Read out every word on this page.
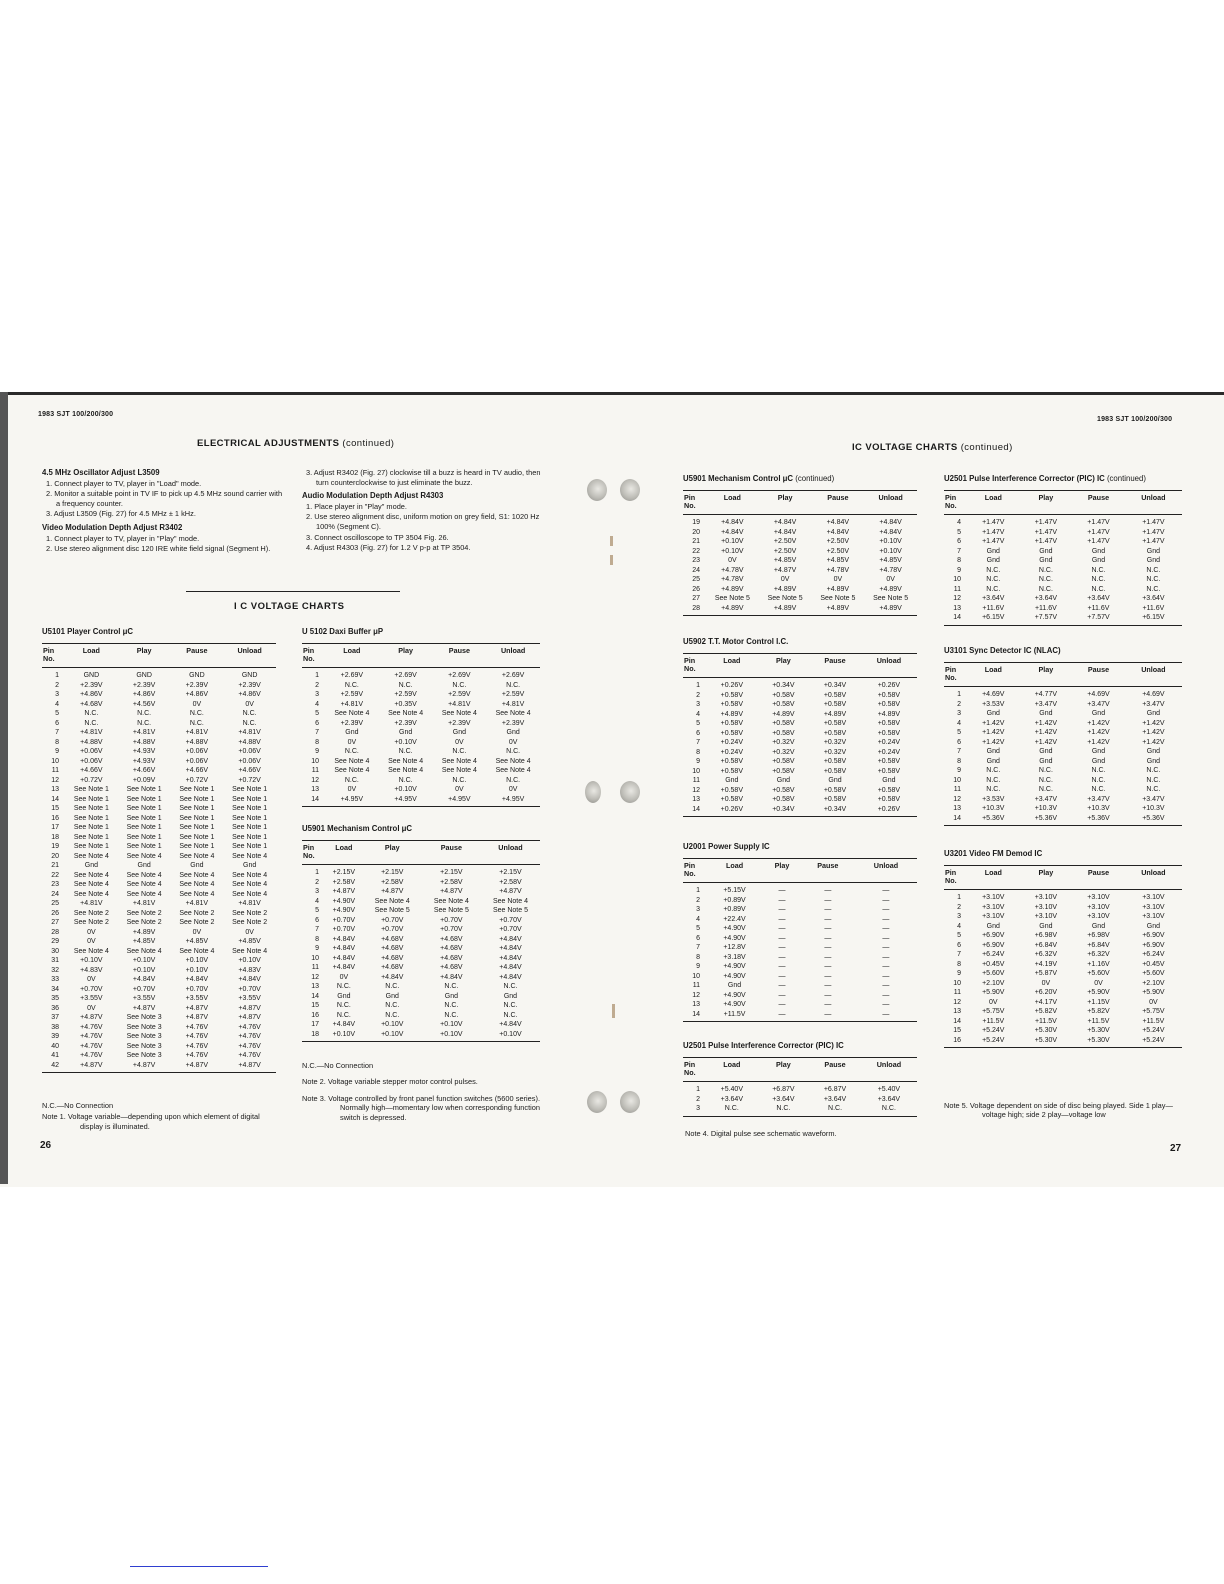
1983 SJT 100/200/300
ELECTRICAL ADJUSTMENTS (continued)
4.5 MHz Oscillator Adjust L3509
1. Connect player to TV, player in "Load" mode.
2. Monitor a suitable point in TV IF to pick up 4.5 MHz sound carrier with a frequency counter.
3. Adjust L3509 (Fig. 27) for 4.5 MHz ± 1 kHz.
Video Modulation Depth Adjust R3402
1. Connect player to TV, player in "Play" mode.
2. Use stereo alignment disc 120 IRE white field signal (Segment H).
3. Adjust R3402 (Fig. 27) clockwise till a buzz is heard in TV audio, then turn counterclockwise to just eliminate the buzz.
Audio Modulation Depth Adjust R4303
1. Place player in "Play" mode.
2. Use stereo alignment disc, uniform motion on grey field, S1: 1020 Hz 100% (Segment C).
3. Connect oscilloscope to TP 3504 Fig. 26.
4. Adjust R4303 (Fig. 27) for 1.2 V p-p at TP 3504.
I C VOLTAGE CHARTS
U5101 Player Control μC
Pin No.	Load	Play	Pause	Unload
1	GND	GND	GND	GND
2	+2.39V	+2.39V	+2.39V	+2.39V
3	+4.86V	+4.86V	+4.86V	+4.86V
4	+4.68V	+4.56V	0V	0V
5	N.C.	N.C.	N.C.	N.C.
6	N.C.	N.C.	N.C.	N.C.
7	+4.81V	+4.81V	+4.81V	+4.81V
8	+4.88V	+4.88V	+4.88V	+4.88V
9	+0.06V	+4.93V	+0.06V	+0.06V
10	+0.06V	+4.93V	+0.06V	+0.06V
11	+4.66V	+4.66V	+4.66V	+4.66V
12	+0.72V	+0.09V	+0.72V	+0.72V
13	See Note 1	See Note 1	See Note 1	See Note 1
14	See Note 1	See Note 1	See Note 1	See Note 1
15	See Note 1	See Note 1	See Note 1	See Note 1
16	See Note 1	See Note 1	See Note 1	See Note 1
17	See Note 1	See Note 1	See Note 1	See Note 1
18	See Note 1	See Note 1	See Note 1	See Note 1
19	See Note 1	See Note 1	See Note 1	See Note 1
20	See Note 4	See Note 4	See Note 4	See Note 4
21	Gnd	Gnd	Gnd	Gnd
22	See Note 4	See Note 4	See Note 4	See Note 4
23	See Note 4	See Note 4	See Note 4	See Note 4
24	See Note 4	See Note 4	See Note 4	See Note 4
25	+4.81V	+4.81V	+4.81V	+4.81V
26	See Note 2	See Note 2	See Note 2	See Note 2
27	See Note 2	See Note 2	See Note 2	See Note 2
28	0V	+4.89V	0V	0V
29	0V	+4.85V	+4.85V	+4.85V
30	See Note 4	See Note 4	See Note 4	See Note 4
31	+0.10V	+0.10V	+0.10V	+0.10V
32	+4.83V	+0.10V	+0.10V	+4.83V
33	0V	+4.84V	+4.84V	+4.84V
34	+0.70V	+0.70V	+0.70V	+0.70V
35	+3.55V	+3.55V	+3.55V	+3.55V
36	0V	+4.87V	+4.87V	+4.87V
37	+4.87V	See Note 3	+4.87V	+4.87V
38	+4.76V	See Note 3	+4.76V	+4.76V
39	+4.76V	See Note 3	+4.76V	+4.76V
40	+4.76V	See Note 3	+4.76V	+4.76V
41	+4.76V	See Note 3	+4.76V	+4.76V
42	+4.87V	+4.87V	+4.87V	+4.87V
U 5102 Daxi Buffer μP
Pin No.	Load	Play	Pause	Unload
1	+2.69V	+2.69V	+2.69V	+2.69V
2	N.C.	N.C.	N.C.	N.C.
3	+2.59V	+2.59V	+2.59V	+2.59V
4	+4.81V	+0.35V	+4.81V	+4.81V
5	See Note 4	See Note 4	See Note 4	See Note 4
6	+2.39V	+2.39V	+2.39V	+2.39V
7	Gnd	Gnd	Gnd	Gnd
8	0V	+0.10V	0V	0V
9	N.C.	N.C.	N.C.	N.C.
10	See Note 4	See Note 4	See Note 4	See Note 4
11	See Note 4	See Note 4	See Note 4	See Note 4
12	N.C.	N.C.	N.C.	N.C.
13	0V	+0.10V	0V	0V
14	+4.95V	+4.95V	+4.95V	+4.95V
U5901 Mechanism Control μC
Pin No.	Load	Play	Pause	Unload
1	+2.15V	+2.15V	+2.15V	+2.15V
2	+2.58V	+2.58V	+2.58V	+2.58V
3	+4.87V	+4.87V	+4.87V	+4.87V
4	+4.90V	See Note 4	See Note 4	See Note 4
5	+4.90V	See Note 5	See Note 5	See Note 5
6	+0.70V	+0.70V	+0.70V	+0.70V
7	+0.70V	+0.70V	+0.70V	+0.70V
8	+4.84V	+4.68V	+4.68V	+4.84V
9	+4.84V	+4.68V	+4.68V	+4.84V
10	+4.84V	+4.68V	+4.68V	+4.84V
11	+4.84V	+4.68V	+4.68V	+4.84V
12	0V	+4.84V	+4.84V	+4.84V
13	N.C.	N.C.	N.C.	N.C.
14	Gnd	Gnd	Gnd	Gnd
15	N.C.	N.C.	N.C.	N.C.
16	N.C.	N.C.	N.C.	N.C.
17	+4.84V	+0.10V	+0.10V	+4.84V
18	+0.10V	+0.10V	+0.10V	+0.10V
N.C.—No Connection
Note 1. Voltage variable—depending upon which element of digital display is illuminated.
N.C.—No Connection
Note 2. Voltage variable stepper motor control pulses.
Note 3. Voltage controlled by front panel function switches (5600 series). Normally high—momentary low when corresponding function switch is depressed.
26
1983 SJT 100/200/300
IC VOLTAGE CHARTS (continued)
U5901 Mechanism Control μC (continued)
Pin No.	Load	Play	Pause	Unload
19	+4.84V	+4.84V	+4.84V	+4.84V
20	+4.84V	+4.84V	+4.84V	+4.84V
21	+0.10V	+2.50V	+2.50V	+0.10V
22	+0.10V	+2.50V	+2.50V	+0.10V
23	0V	+4.85V	+4.85V	+4.85V
24	+4.78V	+4.87V	+4.78V	+4.78V
25	+4.78V	0V	0V	0V
26	+4.89V	+4.89V	+4.89V	+4.89V
27	See Note 5	See Note 5	See Note 5	See Note 5
28	+4.89V	+4.89V	+4.89V	+4.89V
U5902 T.T. Motor Control I.C.
Pin No.	Load	Play	Pause	Unload
1	+0.26V	+0.34V	+0.34V	+0.26V
2	+0.58V	+0.58V	+0.58V	+0.58V
3	+0.58V	+0.58V	+0.58V	+0.58V
4	+4.89V	+4.89V	+4.89V	+4.89V
5	+0.58V	+0.58V	+0.58V	+0.58V
6	+0.58V	+0.58V	+0.58V	+0.58V
7	+0.24V	+0.32V	+0.32V	+0.24V
8	+0.24V	+0.32V	+0.32V	+0.24V
9	+0.58V	+0.58V	+0.58V	+0.58V
10	+0.58V	+0.58V	+0.58V	+0.58V
11	Gnd	Gnd	Gnd	Gnd
12	+0.58V	+0.58V	+0.58V	+0.58V
13	+0.58V	+0.58V	+0.58V	+0.58V
14	+0.26V	+0.34V	+0.34V	+0.26V
U2001 Power Supply IC
Pin No.	Load	Play	Pause	Unload
1	+5.15V	—	—	—
2	+0.89V	—	—	—
3	+0.89V	—	—	—
4	+22.4V	—	—	—
5	+4.90V	—	—	—
6	+4.90V	—	—	—
7	+12.8V	—	—	—
8	+3.18V	—	—	—
9	+4.90V	—	—	—
10	+4.90V	—	—	—
11	Gnd	—	—	—
12	+4.90V	—	—	—
13	+4.90V	—	—	—
14	+11.5V	—	—	—
U2501 Pulse Interference Corrector (PIC) IC
Pin No.	Load	Play	Pause	Unload
1	+5.40V	+6.87V	+6.87V	+5.40V
2	+3.64V	+3.64V	+3.64V	+3.64V
3	N.C.	N.C.	N.C.	N.C.
U2501 Pulse Interference Corrector (PIC) IC (continued)
Pin No.	Load	Play	Pause	Unload
4	+1.47V	+1.47V	+1.47V	+1.47V
5	+1.47V	+1.47V	+1.47V	+1.47V
6	+1.47V	+1.47V	+1.47V	+1.47V
7	Gnd	Gnd	Gnd	Gnd
8	Gnd	Gnd	Gnd	Gnd
9	N.C.	N.C.	N.C.	N.C.
10	N.C.	N.C.	N.C.	N.C.
11	N.C.	N.C.	N.C.	N.C.
12	+3.64V	+3.64V	+3.64V	+3.64V
13	+11.6V	+11.6V	+11.6V	+11.6V
14	+6.15V	+7.57V	+7.57V	+6.15V
U3101 Sync Detector IC (NLAC)
Pin No.	Load	Play	Pause	Unload
1	+4.69V	+4.77V	+4.69V	+4.69V
2	+3.53V	+3.47V	+3.47V	+3.47V
3	Gnd	Gnd	Gnd	Gnd
4	+1.42V	+1.42V	+1.42V	+1.42V
5	+1.42V	+1.42V	+1.42V	+1.42V
6	+1.42V	+1.42V	+1.42V	+1.42V
7	Gnd	Gnd	Gnd	Gnd
8	Gnd	Gnd	Gnd	Gnd
9	N.C.	N.C.	N.C.	N.C.
10	N.C.	N.C.	N.C.	N.C.
11	N.C.	N.C.	N.C.	N.C.
12	+3.53V	+3.47V	+3.47V	+3.47V
13	+10.3V	+10.3V	+10.3V	+10.3V
14	+5.36V	+5.36V	+5.36V	+5.36V
U3201 Video FM Demod IC
Pin No.	Load	Play	Pause	Unload
1	+3.10V	+3.10V	+3.10V	+3.10V
2	+3.10V	+3.10V	+3.10V	+3.10V
3	+3.10V	+3.10V	+3.10V	+3.10V
4	Gnd	Gnd	Gnd	Gnd
5	+6.90V	+6.98V	+6.98V	+6.90V
6	+6.90V	+6.84V	+6.84V	+6.90V
7	+6.24V	+6.32V	+6.32V	+6.24V
8	+0.45V	+4.19V	+1.16V	+0.45V
9	+5.60V	+5.87V	+5.60V	+5.60V
10	+2.10V	0V	0V	+2.10V
11	+5.90V	+6.20V	+5.90V	+5.90V
12	0V	+4.17V	+1.15V	0V
13	+5.75V	+5.82V	+5.82V	+5.75V
14	+11.5V	+11.5V	+11.5V	+11.5V
15	+5.24V	+5.30V	+5.30V	+5.24V
16	+5.24V	+5.30V	+5.30V	+5.24V
Note 4. Digital pulse see schematic waveform.
Note 5. Voltage dependent on side of disc being played. Side 1 play—voltage high; side 2 play—voltage low
27
